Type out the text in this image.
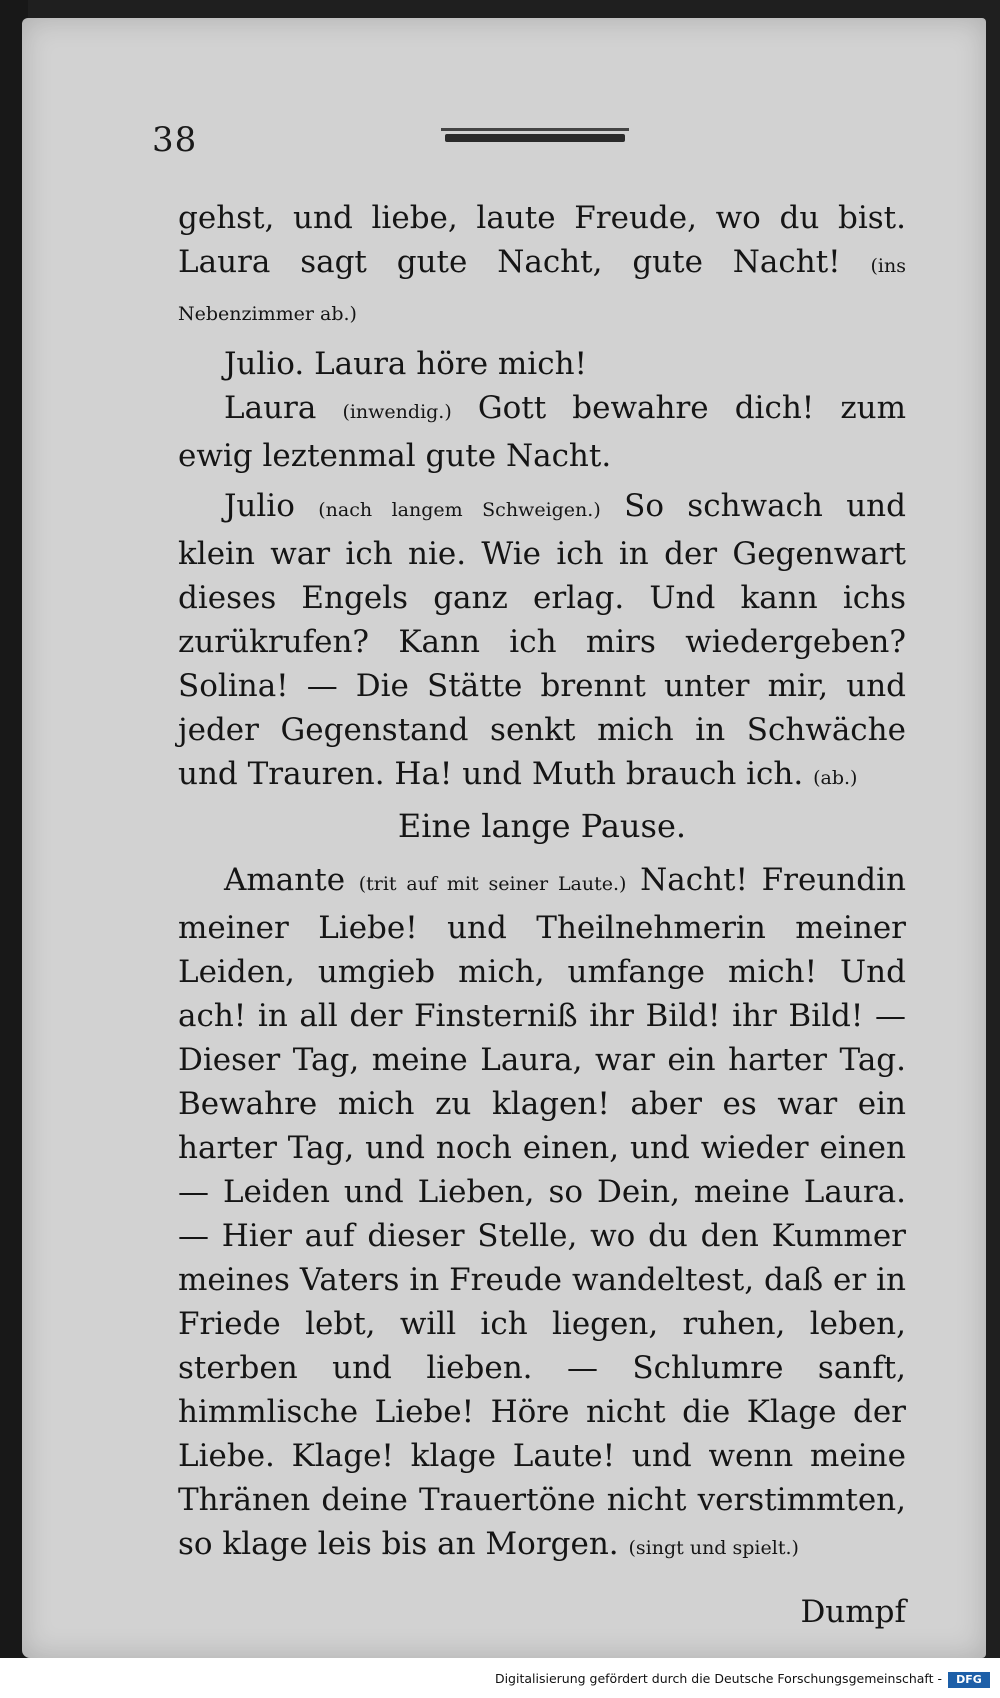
38

gehst, und liebe, laute Freude, wo du bist. Laura sagt gute Nacht, gute Nacht! (ins Nebenzimmer ab.)

Julio. Laura höre mich!

Laura (inwendig.) Gott bewahre dich! zum ewig leztenmal gute Nacht.

Julio (nach langem Schweigen.) So schwach und klein war ich nie. Wie ich in der Gegenwart dieses Engels ganz erlag. Und kann ichs zurükrufen? Kann ich mirs wiedergeben? Solina! — Die Stätte brennt unter mir, und jeder Gegenstand senkt mich in Schwäche und Trauren. Ha! und Muth brauch ich. (ab.)

Eine lange Pause.

Amante (trit auf mit seiner Laute.) Nacht! Freundin meiner Liebe! und Theilnehmerin meiner Leiden, umgieb mich, umfange mich! Und ach! in all der Finsterniß ihr Bild! ihr Bild! — Dieser Tag, meine Laura, war ein harter Tag. Bewahre mich zu klagen! aber es war ein harter Tag, und noch einen, und wieder einen — Leiden und Lieben, so Dein, meine Laura. — Hier auf dieser Stelle, wo du den Kummer meines Vaters in Freude wandeltest, daß er in Friede lebt, will ich liegen, ruhen, leben, sterben und lieben. — Schlumre sanft, himmlische Liebe! Höre nicht die Klage der Liebe. Klage! klage Laute! und wenn meine Thränen deine Trauertöne nicht verstimmten, so klage leis bis an Morgen. (singt und spielt.)

Dumpf

Digitalisierung gefördert durch die Deutsche Forschungsgemeinschaft -	DFG
